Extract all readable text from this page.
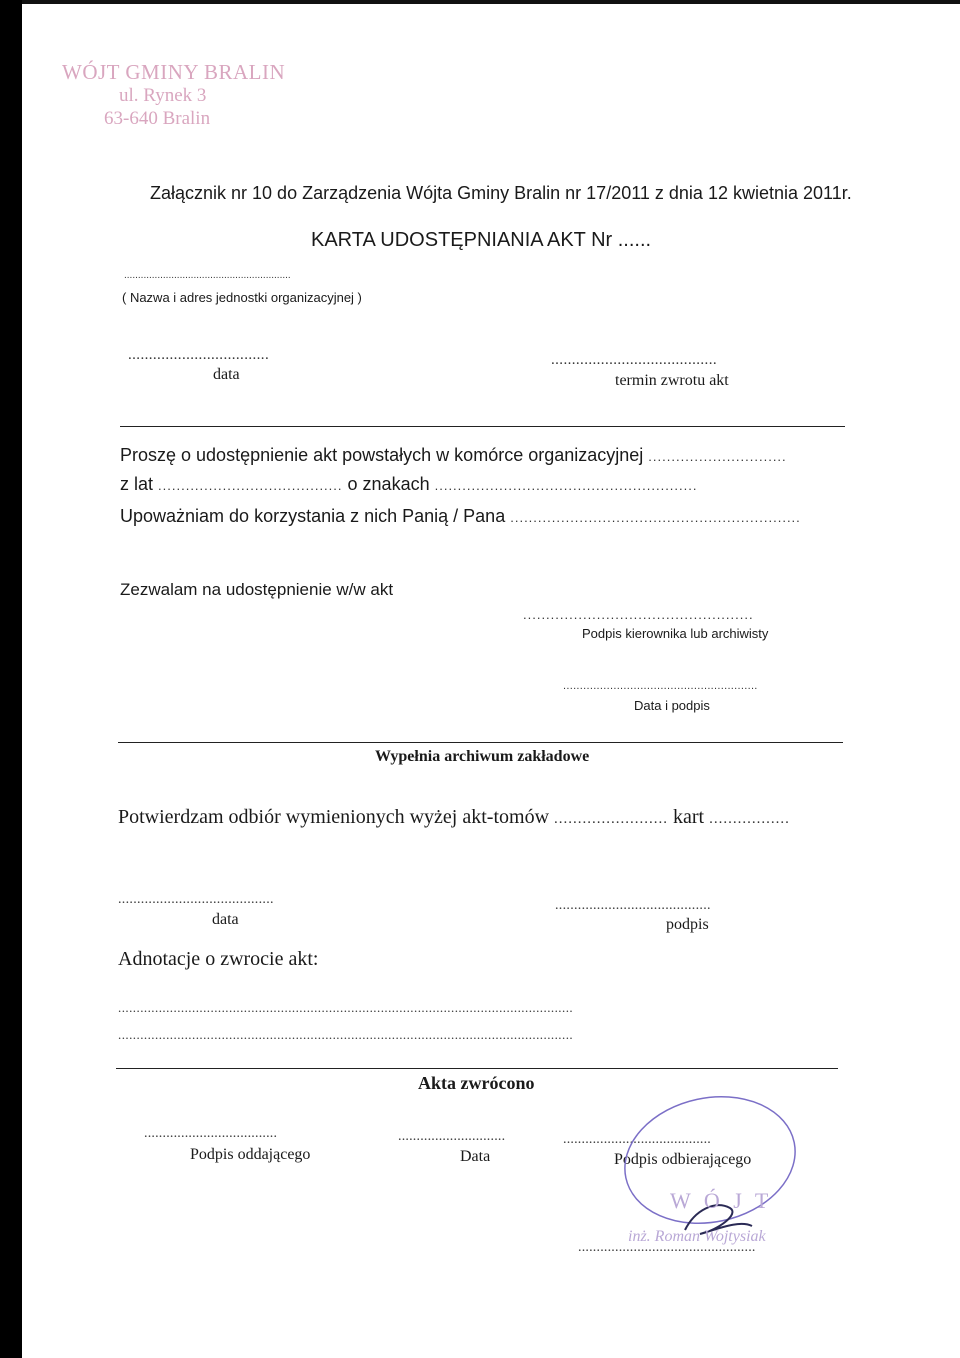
WÓJT GMINY BRALIN
ul. Rynek 3
63-640 Bralin
Załącznik nr 10 do Zarządzenia Wójta Gminy Bralin nr 17/2011 z dnia 12 kwietnia 2011r.
KARTA UDOSTĘPNIANIA AKT Nr ......
............................................................
( Nazwa i adres jednostki organizacyjnej )
..................................
data
........................................
termin zwrotu akt
Proszę o udostępnienie akt powstałych w komórce organizacyjnej ..............................
z lat ........................................ o znakach .........................................................
Upoważniam do korzystania z nich Panią / Pana ...............................................................
Zezwalam na udostępnienie w/w akt
..................................................
Podpis kierownika lub archiwisty
..........................................................
Data i podpis
Wypełnia archiwum zakładowe
Potwierdzam odbiór wymienionych wyżej akt-tomów ........................ kart .................
.........................................
data
.........................................
podpis
Adnotacje o zwrocie akt:
...........................................................................................................................
...........................................................................................................................
Akta zwrócono
....................................
Podpis oddającego
.............................
Data
........................................
Podpis odbierającego
W Ó J T
inż. Roman Wojtysiak
................................................
